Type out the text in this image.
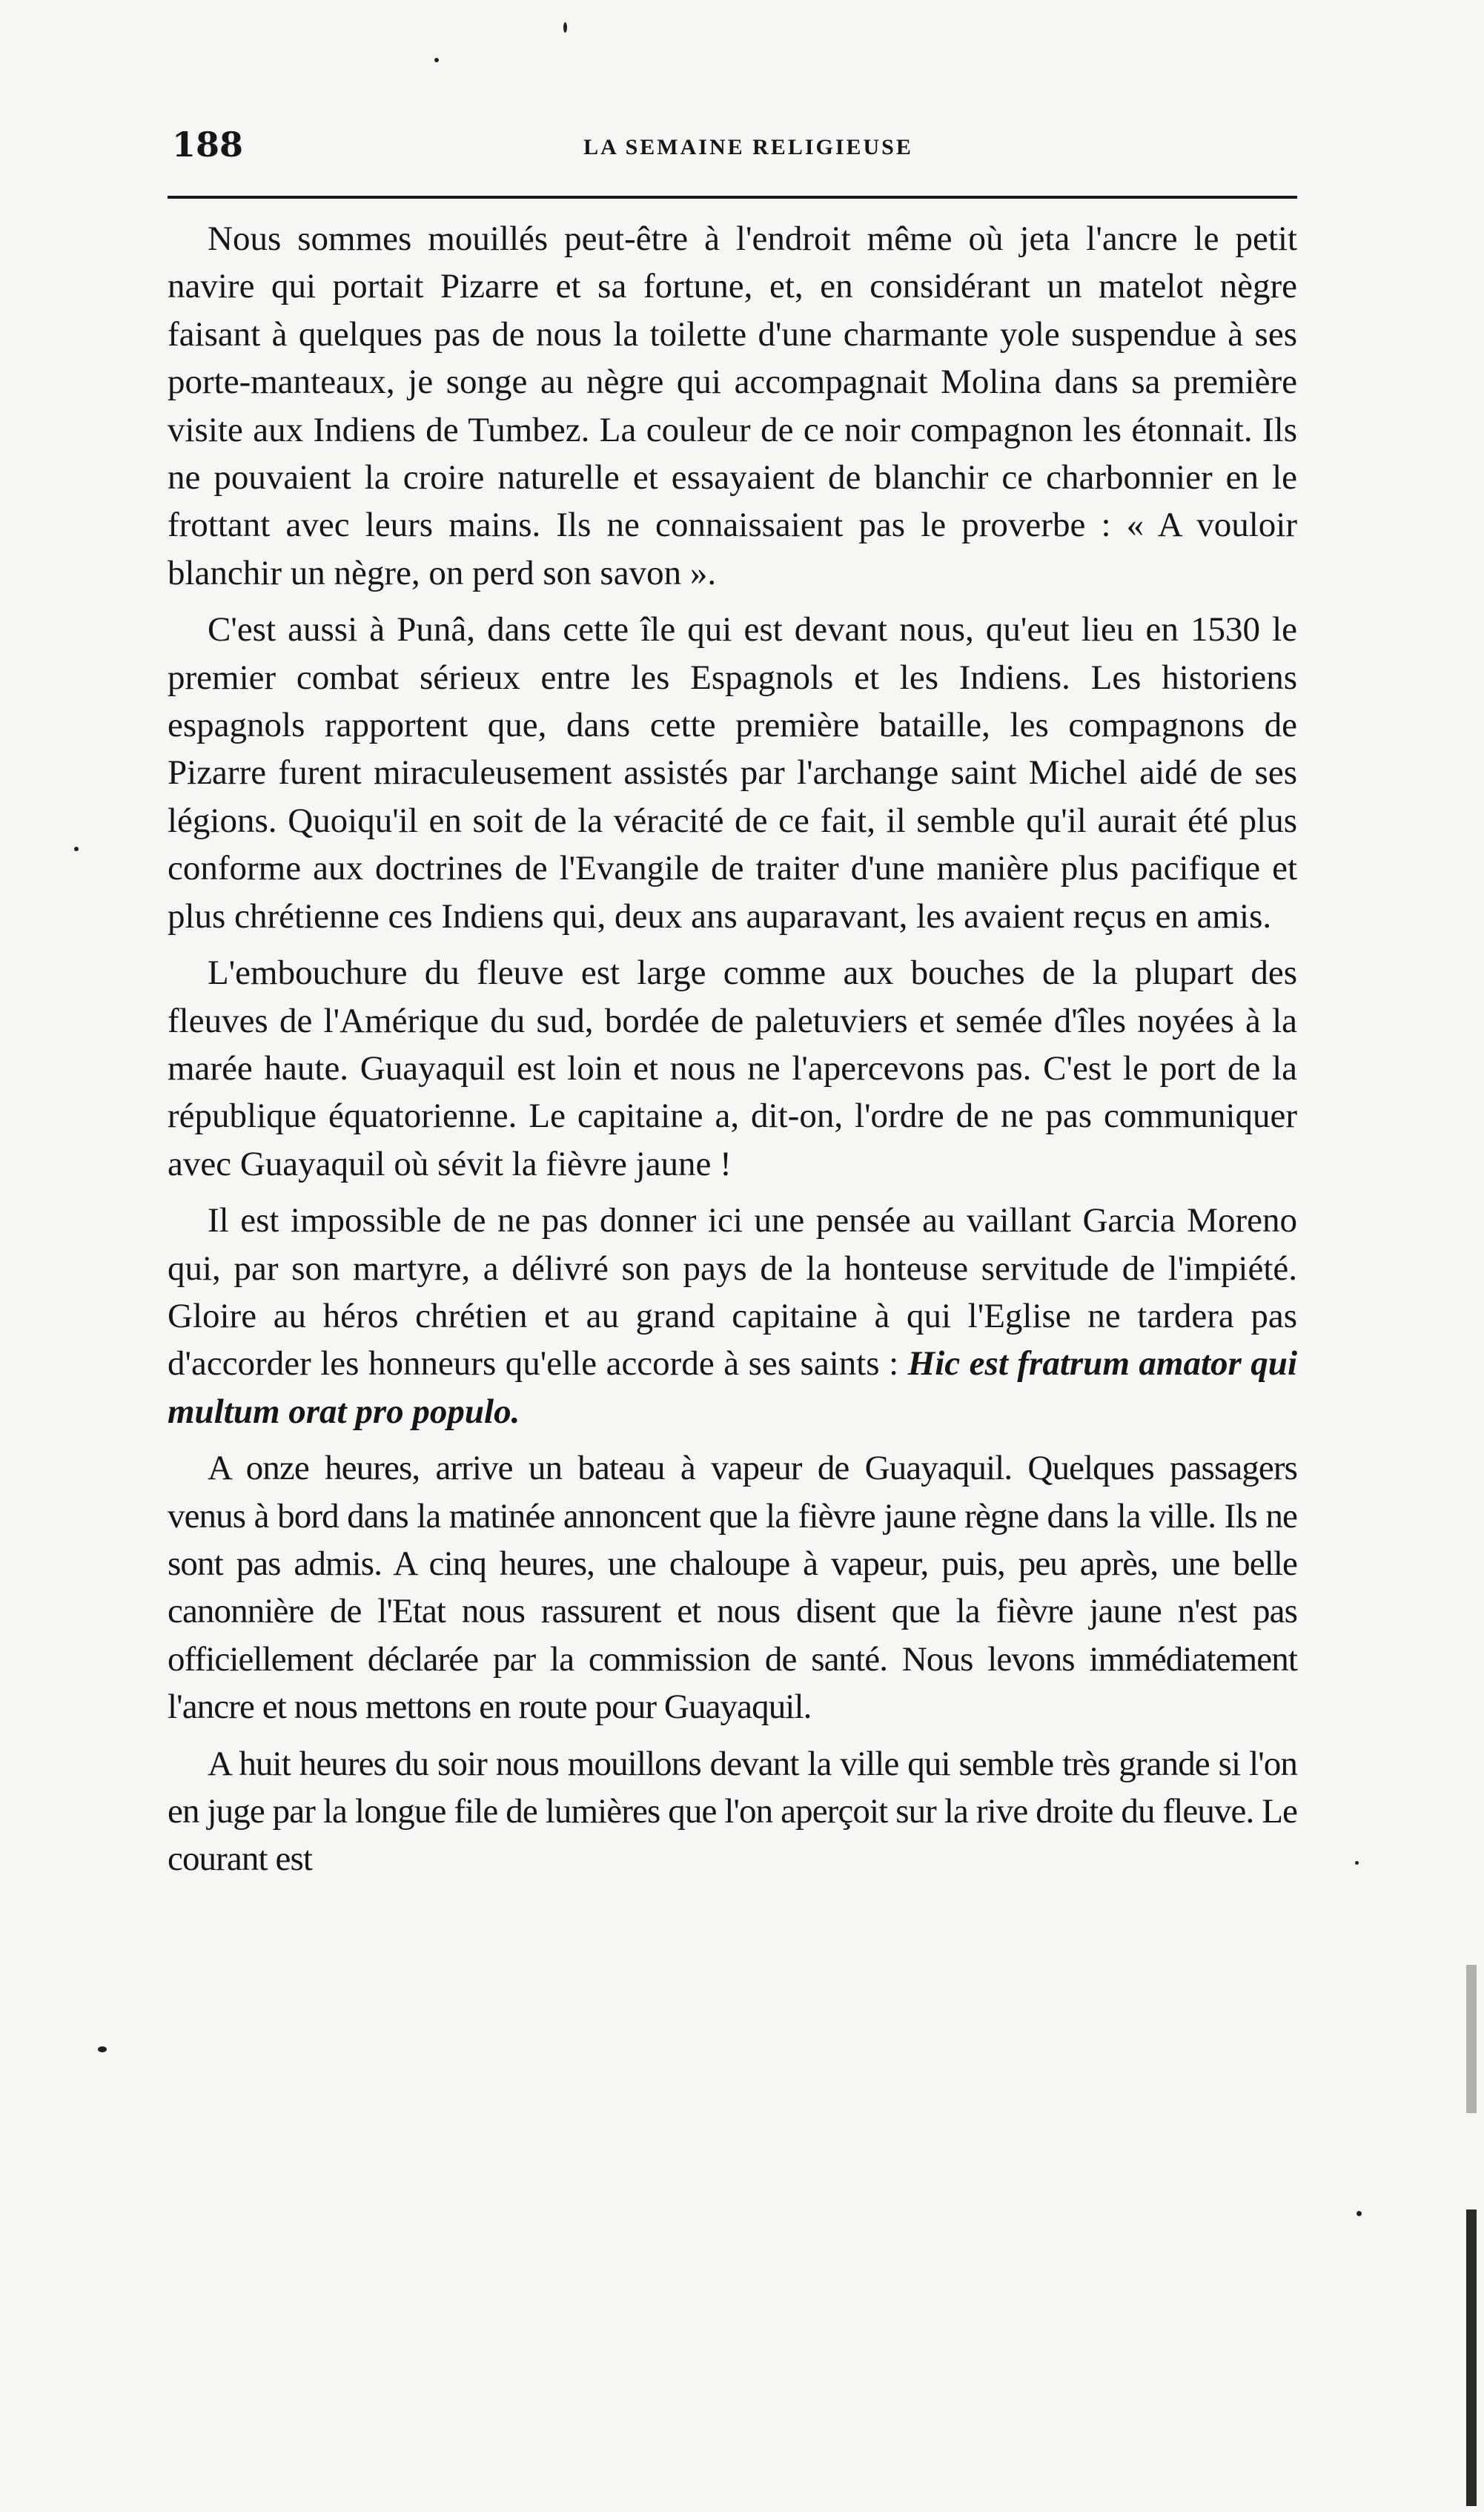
188	LA SEMAINE RELIGIEUSE

Nous sommes mouillés peut-être à l'endroit même où jeta l'ancre le petit navire qui portait Pizarre et sa fortune, et, en considérant un matelot nègre faisant à quelques pas de nous la toilette d'une charmante yole suspendue à ses porte-manteaux, je songe au nègre qui accompagnait Molina dans sa première visite aux Indiens de Tumbez. La couleur de ce noir compagnon les étonnait. Ils ne pouvaient la croire naturelle et essayaient de blanchir ce charbonnier en le frottant avec leurs mains. Ils ne connaissaient pas le proverbe : « A vouloir blanchir un nègre, on perd son savon ».

C'est aussi à Punâ, dans cette île qui est devant nous, qu'eut lieu en 1530 le premier combat sérieux entre les Espagnols et les Indiens. Les historiens espagnols rapportent que, dans cette première bataille, les compagnons de Pizarre furent miraculeusement assistés par l'archange saint Michel aidé de ses légions. Quoiqu'il en soit de la véracité de ce fait, il semble qu'il aurait été plus conforme aux doctrines de l'Evangile de traiter d'une manière plus pacifique et plus chrétienne ces Indiens qui, deux ans auparavant, les avaient reçus en amis.

L'embouchure du fleuve est large comme aux bouches de la plupart des fleuves de l'Amérique du sud, bordée de paletuviers et semée d'îles noyées à la marée haute. Guayaquil est loin et nous ne l'apercevons pas. C'est le port de la république équatorienne. Le capitaine a, dit-on, l'ordre de ne pas communiquer avec Guayaquil où sévit la fièvre jaune !

Il est impossible de ne pas donner ici une pensée au vaillant Garcia Moreno qui, par son martyre, a délivré son pays de la honteuse servitude de l'impiété. Gloire au héros chrétien et au grand capitaine à qui l'Eglise ne tardera pas d'accorder les honneurs qu'elle accorde à ses saints : Hic est fratrum amator qui multum orat pro populo.

A onze heures, arrive un bateau à vapeur de Guayaquil. Quelques passagers venus à bord dans la matinée annoncent que la fièvre jaune règne dans la ville. Ils ne sont pas admis. A cinq heures, une chaloupe à vapeur, puis, peu après, une belle canonnière de l'Etat nous rassurent et nous disent que la fièvre jaune n'est pas officiellement déclarée par la commission de santé. Nous levons immédiatement l'ancre et nous mettons en route pour Guayaquil.

A huit heures du soir nous mouillons devant la ville qui semble très grande si l'on en juge par la longue file de lumières que l'on aperçoit sur la rive droite du fleuve. Le courant est
